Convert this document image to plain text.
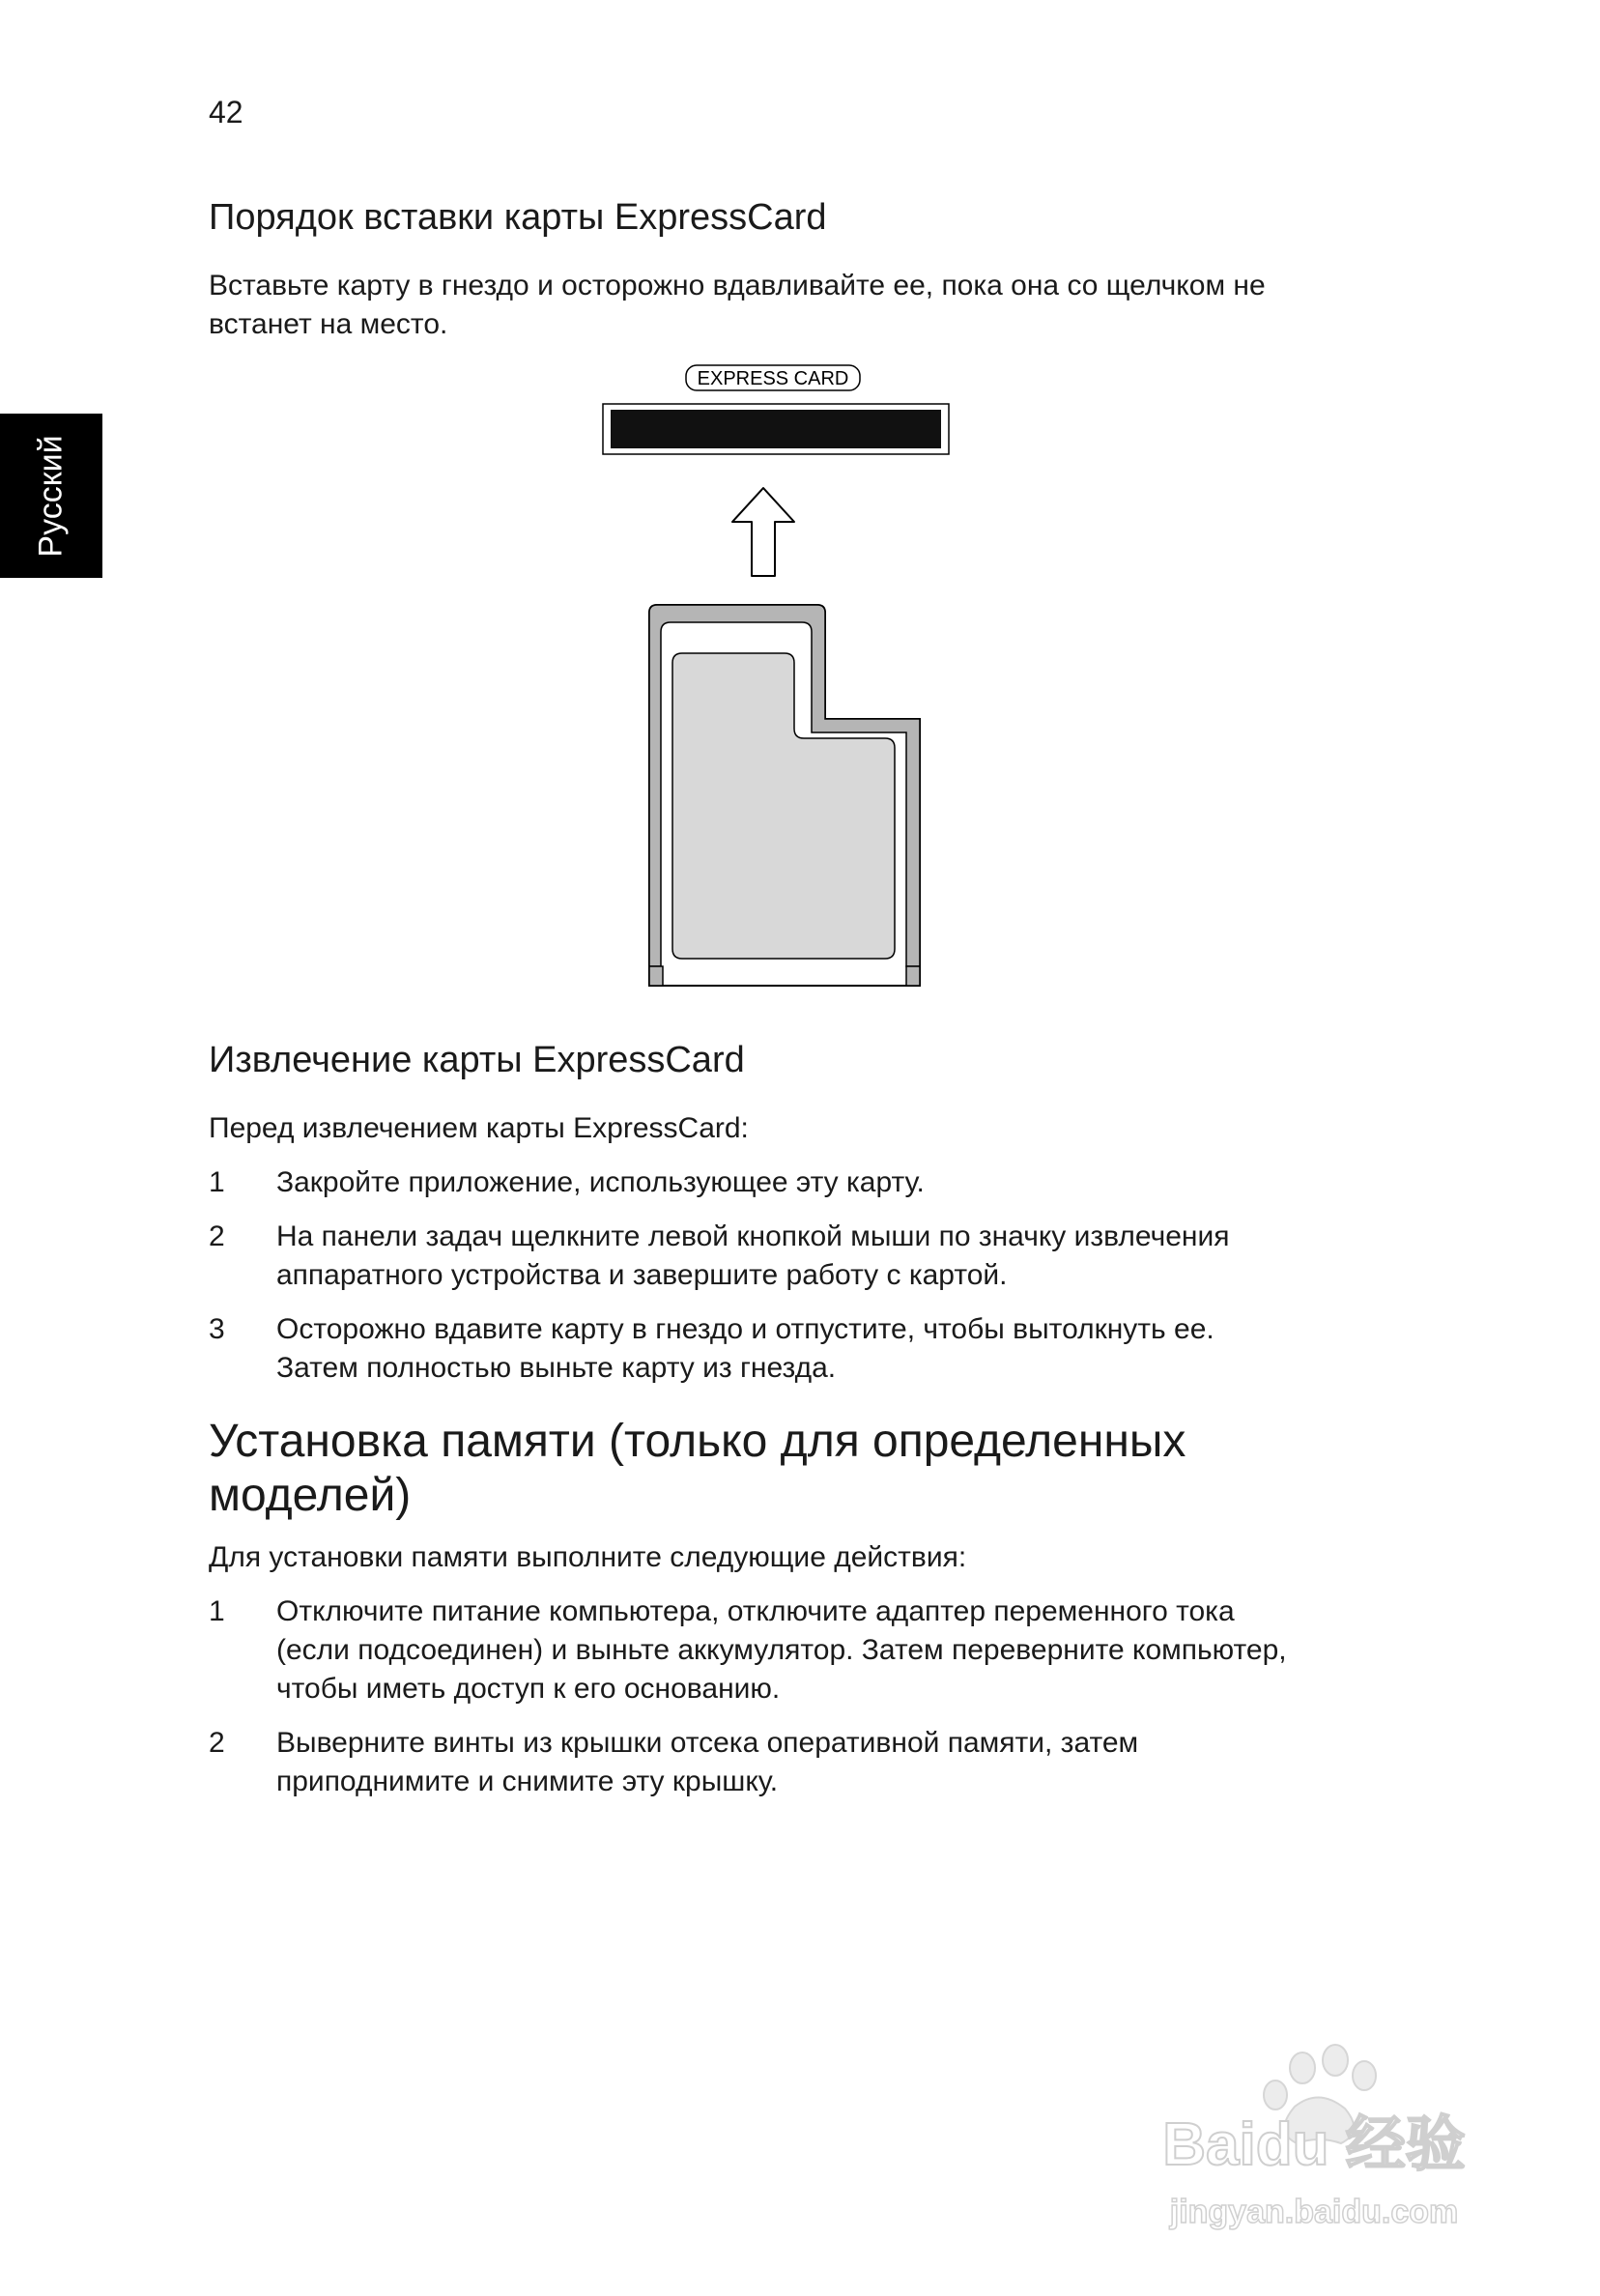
42
Русский
Порядок вставки карты ExpressCard

Вставьте карту в гнездо и осторожно вдавливайте ее, пока она со щелчком не

встанет на место.

EXPRESS CARD
Извлечение карты ExpressCard

Перед извлечением карты ExpressCard:

1 Закройте приложение, использующее эту карту.
2 На панели задач щелкните левой кнопкой мыши по значку извлечения
аппаратного устройства и завершите работу с картой.
3 Осторожно вдавите карту в гнездо и отпустите, чтобы вытолкнуть ее.
Затем полностью выньте карту из гнезда.
Установка памяти (только для определенных
моделей)

Для установки памяти выполните следующие действия:

1 Отключите питание компьютера, отключите адаптер переменного тока
(если подсоединен) и выньте аккумулятор. Затем переверните компьютер,
чтобы иметь доступ к его основанию.
2 Выверните винты из крышки отсека оперативной памяти, затем
приподнимите и снимите эту крышку.
Baidu 经验
jingyan.baidu.com
